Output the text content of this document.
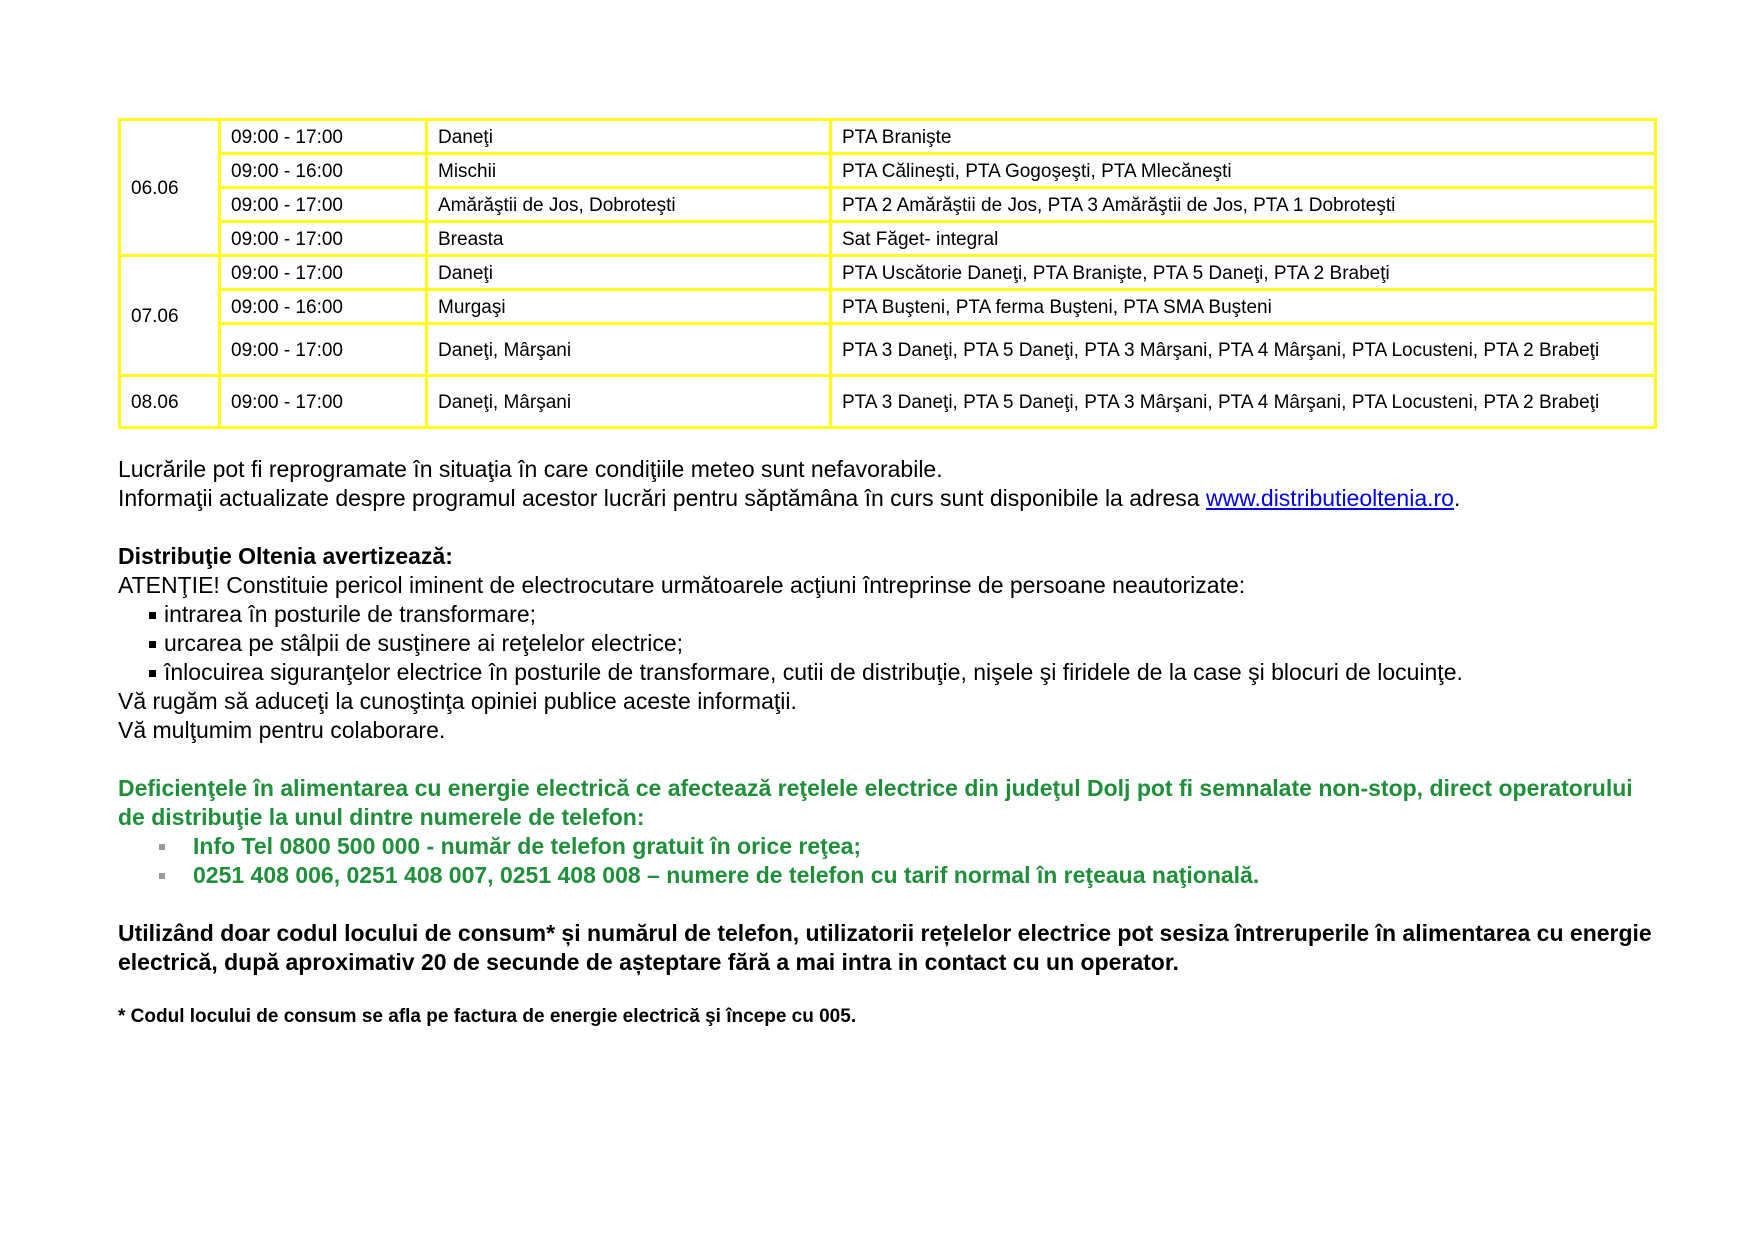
06.06	09:00 - 17:00	Daneţi	PTA Branişte
	09:00 - 16:00	Mischii	PTA Călineşti, PTA Gogoşeşti, PTA Mlecăneşti
	09:00 - 17:00	Amărăştii de Jos, Dobroteşti	PTA 2 Amărăştii de Jos, PTA 3 Amărăştii de Jos, PTA 1 Dobroteşti
	09:00 - 17:00	Breasta	Sat Făget- integral
07.06	09:00 - 17:00	Daneţi	PTA Uscătorie Daneţi, PTA Branişte, PTA 5 Daneţi, PTA 2 Brabeţi
	09:00 - 16:00	Murgaşi	PTA Buşteni, PTA ferma Buşteni, PTA SMA Buşteni
	09:00 - 17:00	Daneţi, Mârşani	PTA 3 Daneţi, PTA 5 Daneţi, PTA 3 Mârşani, PTA 4 Mârşani, PTA Locusteni, PTA 2 Brabeţi
08.06	09:00 - 17:00	Daneţi, Mârşani	PTA 3 Daneţi, PTA 5 Daneţi, PTA 3 Mârşani, PTA 4 Mârşani, PTA Locusteni, PTA 2 Brabeţi
Lucrările pot fi reprogramate în situaţia în care condiţiile meteo sunt nefavorabile.
Informaţii actualizate despre programul acestor lucrări pentru săptămâna în curs sunt disponibile la adresa www.distributieoltenia.ro.
Distribuţie Oltenia avertizează:
ATENŢIE! Constituie pericol iminent de electrocutare următoarele acţiuni întreprinse de persoane neautorizate:
intrarea în posturile de transformare;
urcarea pe stâlpii de susţinere ai reţelelor electrice;
înlocuirea siguranţelor electrice în posturile de transformare, cutii de distribuţie, nişele şi firidele de la case şi blocuri de locuinţe.
Vă rugăm să aduceţi la cunoştinţa opiniei publice aceste informaţii.
Vă mulţumim pentru colaborare.
Deficienţele în alimentarea cu energie electrică ce afectează reţelele electrice din judeţul Dolj pot fi semnalate non-stop, direct operatorului de distribuţie la unul dintre numerele de telefon:
Info Tel 0800 500 000 - număr de telefon gratuit în orice reţea;
0251 408 006, 0251 408 007, 0251 408 008 – numere de telefon cu tarif normal în reţeaua naţională.
Utilizând doar codul locului de consum* și numărul de telefon, utilizatorii rețelelor electrice pot sesiza întreruperile în alimentarea cu energie electrică, după aproximativ 20 de secunde de așteptare fără a mai intra in contact cu un operator.
* Codul locului de consum se afla pe factura de energie electrică şi începe cu 005.
